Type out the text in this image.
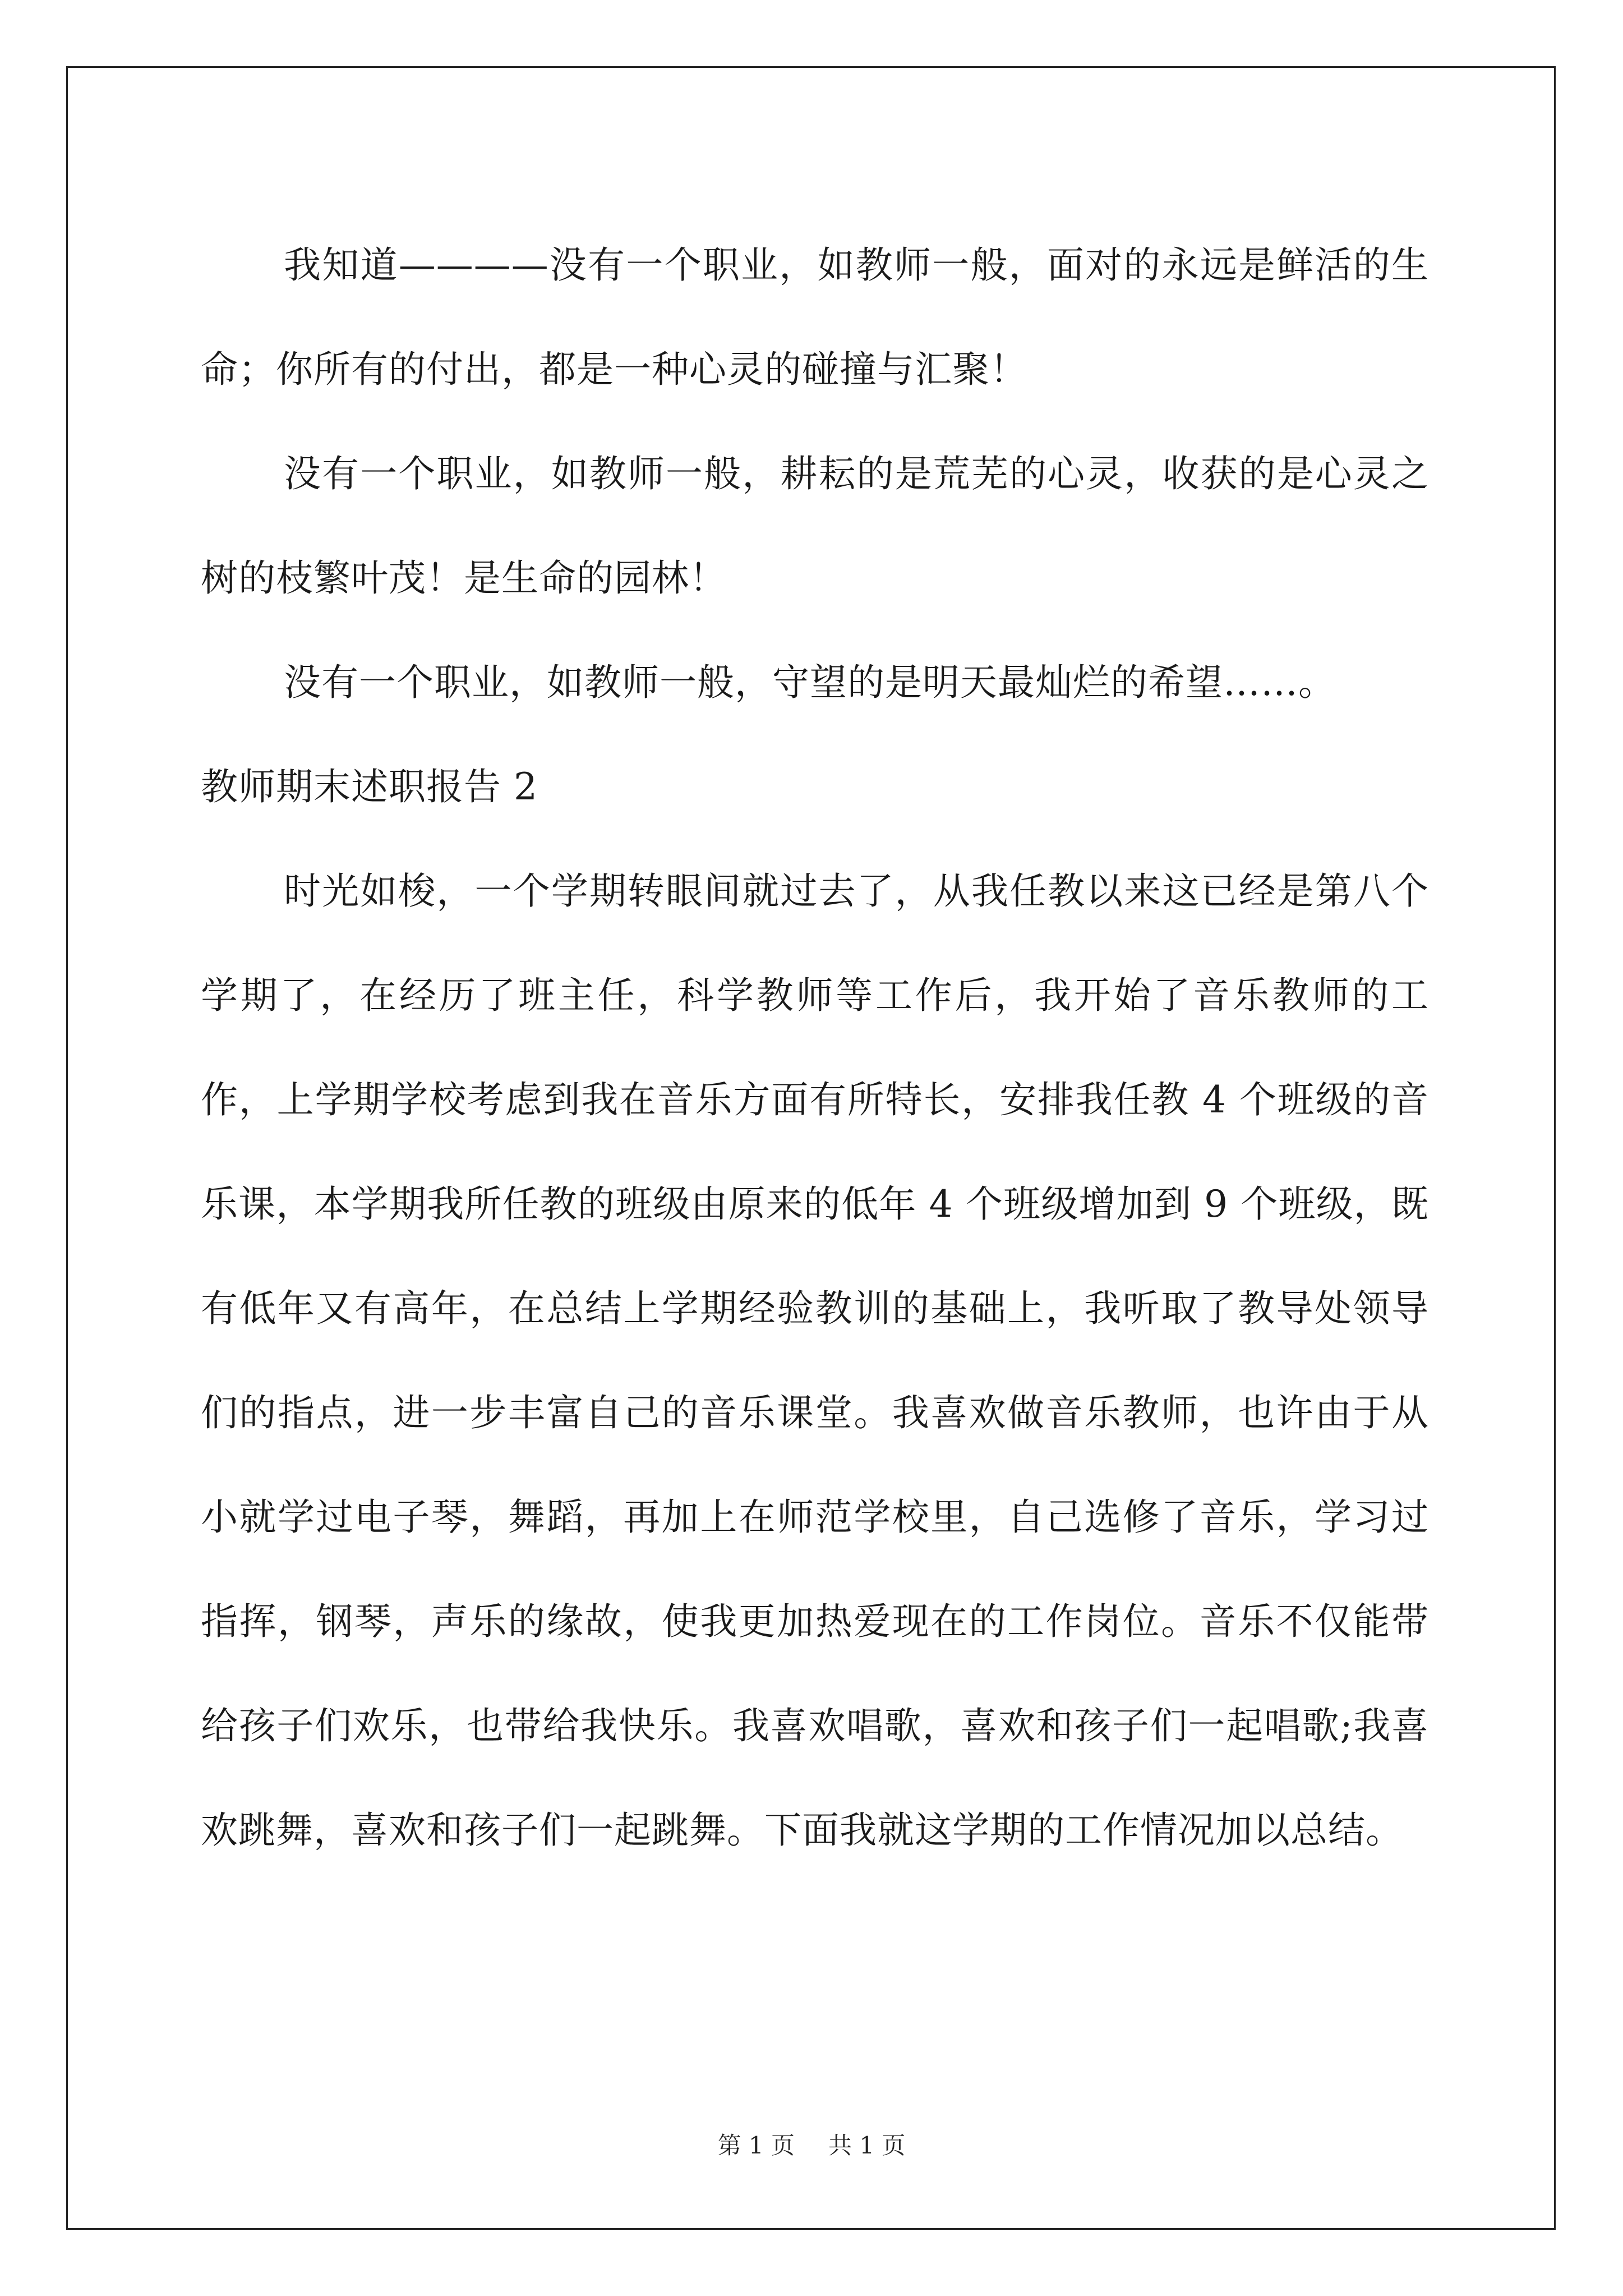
我知道————没有一个职业，如教师一般，面对的永远是鲜活的生命；你所有的付出，都是一种心灵的碰撞与汇聚！

没有一个职业，如教师一般，耕耘的是荒芜的心灵，收获的是心灵之树的枝繁叶茂！是生命的园林！

没有一个职业，如教师一般，守望的是明天最灿烂的希望……。

教师期末述职报告 2

时光如梭，一个学期转眼间就过去了，从我任教以来这已经是第八个学期了，在经历了班主任，科学教师等工作后，我开始了音乐教师的工作，上学期学校考虑到我在音乐方面有所特长，安排我任教 4 个班级的音乐课，本学期我所任教的班级由原来的低年 4 个班级增加到 9 个班级，既有低年又有高年，在总结上学期经验教训的基础上，我听取了教导处领导们的指点，进一步丰富自己的音乐课堂。我喜欢做音乐教师，也许由于从小就学过电子琴，舞蹈，再加上在师范学校里，自己选修了音乐，学习过指挥，钢琴，声乐的缘故，使我更加热爱现在的工作岗位。音乐不仅能带给孩子们欢乐，也带给我快乐。我喜欢唱歌，喜欢和孩子们一起唱歌;我喜欢跳舞，喜欢和孩子们一起跳舞。下面我就这学期的工作情况加以总结。

第 1 页 共 1 页
